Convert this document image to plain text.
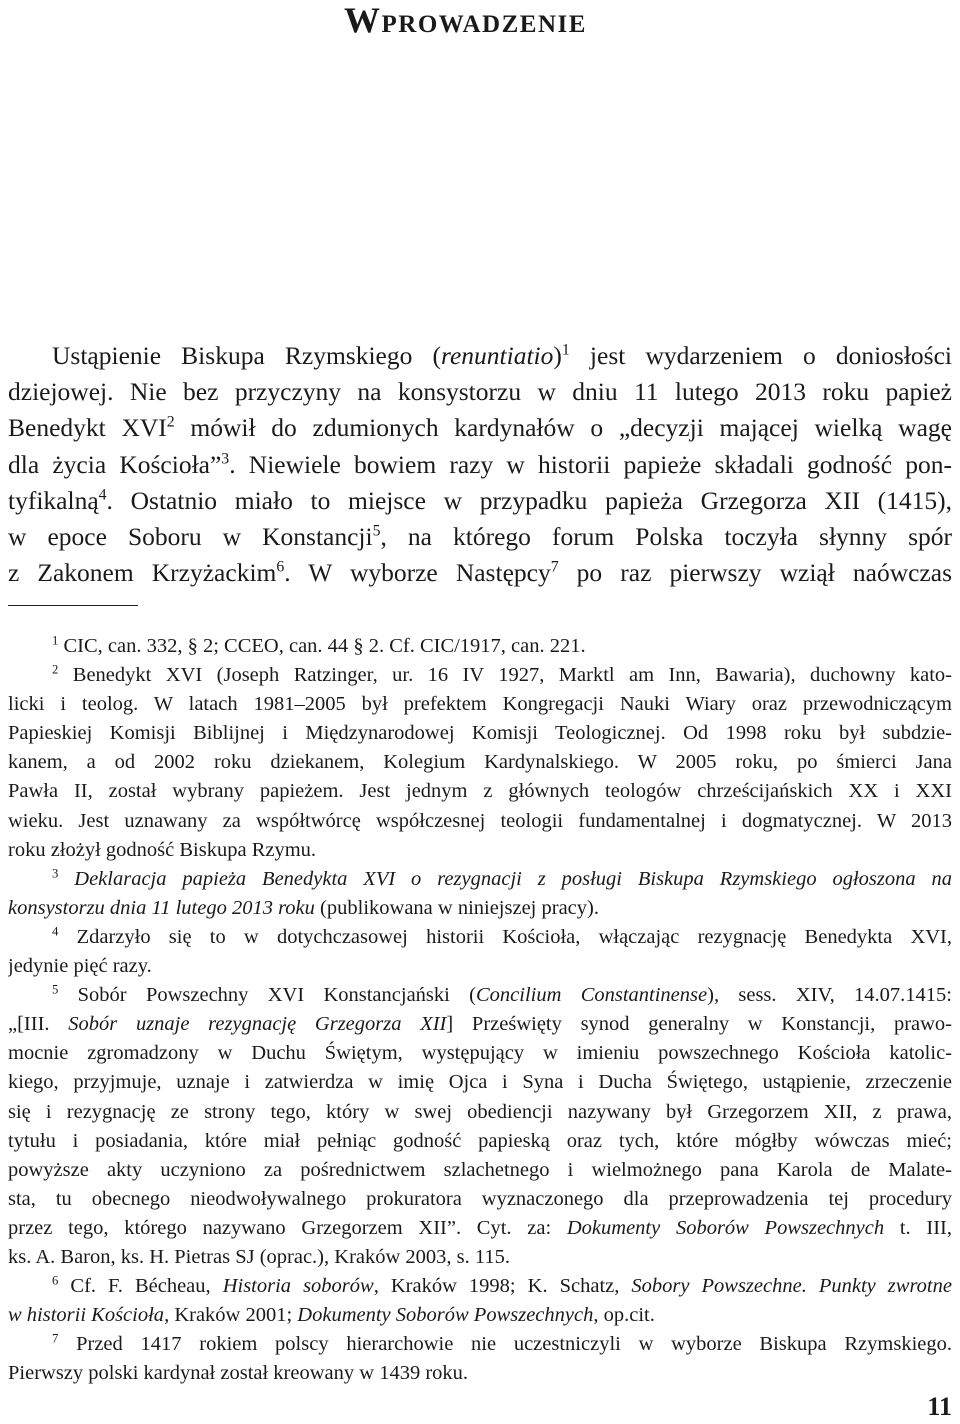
Wprowadzenie
Ustąpienie Biskupa Rzymskiego (renuntiatio)$^1$ jest wydarzeniem o doniosłości
dziejowej. Nie bez przyczyny na konsystorzu w dniu 11 lutego 2013 roku papież
Benedykt XVI$^2$ mówił do zdumionych kardynałów o „decyzji mającej wielką wagę
dla życia Kościoła”$^3$. Niewiele bowiem razy w historii papieże składali godność pon-
tyfikalną$^4$. Ostatnio miało to miejsce w przypadku papieża Grzegorza XII (1415),
w epoce Soboru w Konstancji$^5$, na którego forum Polska toczyła słynny spór
z Zakonem Krzyżackim$^6$. W wyborze Następcy$^7$ po raz pierwszy wziął naówczas
$^1$ CIC, can. 332, § 2; CCEO, can. 44 § 2. Cf. CIC/1917, can. 221.
$^2$ Benedykt XVI (Joseph Ratzinger, ur. 16 IV 1927, Marktl am Inn, Bawaria), duchowny kato-
licki i teolog. W latach 1981–2005 był prefektem Kongregacji Nauki Wiary oraz przewodniczącym
Papieskiej Komisji Biblijnej i Międzynarodowej Komisji Teologicznej. Od 1998 roku był subdzie-
kanem, a od 2002 roku dziekanem, Kolegium Kardynalskiego. W 2005 roku, po śmierci Jana
Pawła II, został wybrany papieżem. Jest jednym z głównych teologów chrześcijańskich XX i XXI
wieku. Jest uznawany za współtwórcę współczesnej teologii fundamentalnej i dogmatycznej. W 2013
roku złożył godność Biskupa Rzymu.
$^3$ Deklaracja papieża Benedykta XVI o rezygnacji z posługi Biskupa Rzymskiego ogłoszona na
konsystorzu dnia 11 lutego 2013 roku (publikowana w niniejszej pracy).
$^4$ Zdarzyło się to w dotychczasowej historii Kościoła, włączając rezygnację Benedykta XVI,
jedynie pięć razy.
$^5$ Sobór Powszechny XVI Konstancjański (Concilium Constantinense), sess. XIV, 14.07.1415:
„[III. Sobór uznaje rezygnację Grzegorza XII] Prześwięty synod generalny w Konstancji, prawo-
mocnie zgromadzony w Duchu Świętym, występujący w imieniu powszechnego Kościoła katolic-
kiego, przyjmuje, uznaje i zatwierdza w imię Ojca i Syna i Ducha Świętego, ustąpienie, zrzeczenie
się i rezygnację ze strony tego, który w swej obediencji nazywany był Grzegorzem XII, z prawa,
tytułu i posiadania, które miał pełniąc godność papieską oraz tych, które mógłby wówczas mieć;
powyższe akty uczyniono za pośrednictwem szlachetnego i wielmożnego pana Karola de Malate-
sta, tu obecnego nieodwoływalnego prokuratora wyznaczonego dla przeprowadzenia tej procedury
przez tego, którego nazywano Grzegorzem XII”. Cyt. za: Dokumenty Soborów Powszechnych t. III,
ks. A. Baron, ks. H. Pietras SJ (oprac.), Kraków 2003, s. 115.
$^6$ Cf. F. Bécheau, Historia soborów, Kraków 1998; K. Schatz, Sobory Powszechne. Punkty zwrotne
w historii Kościoła, Kraków 2001; Dokumenty Soborów Powszechnych, op.cit.
$^7$ Przed 1417 rokiem polscy hierarchowie nie uczestniczyli w wyborze Biskupa Rzymskiego.
Pierwszy polski kardynał został kreowany w 1439 roku.
11
